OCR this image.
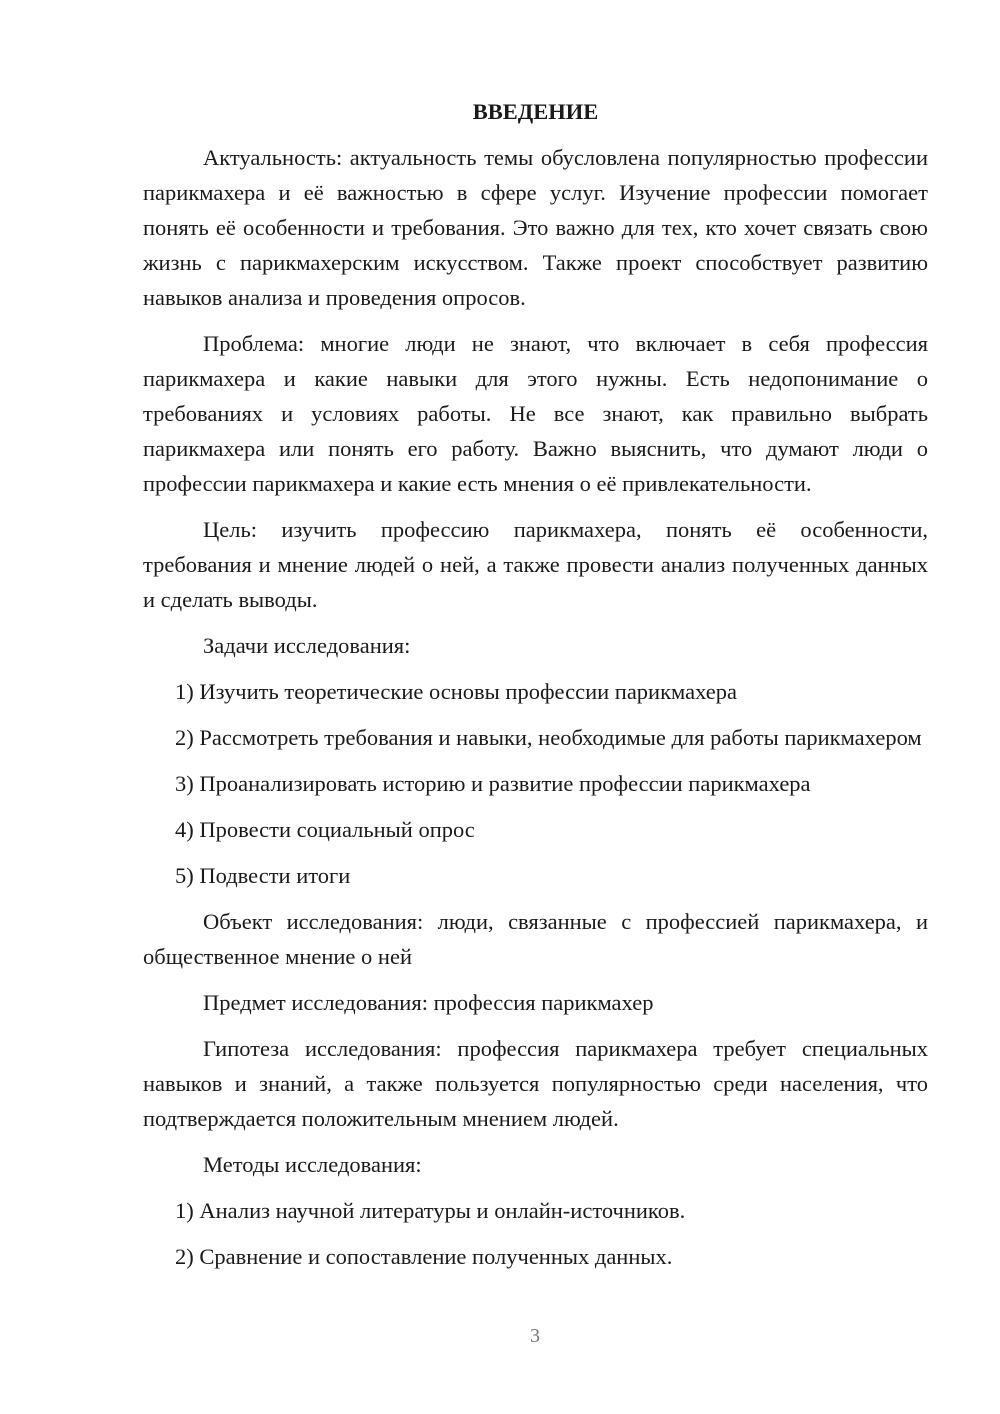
ВВЕДЕНИЕ

Актуальность: актуальность темы обусловлена популярностью профессии парикмахера и её важностью в сфере услуг. Изучение профессии помогает понять её особенности и требования. Это важно для тех, кто хочет связать свою жизнь с парикмахерским искусством. Также проект способствует развитию навыков анализа и проведения опросов.

Проблема: многие люди не знают, что включает в себя профессия парикмахера и какие навыки для этого нужны. Есть недопонимание о требованиях и условиях работы. Не все знают, как правильно выбрать парикмахера или понять его работу. Важно выяснить, что думают люди о профессии парикмахера и какие есть мнения о её привлекательности.

Цель: изучить профессию парикмахера, понять её особенности, требования и мнение людей о ней, а также провести анализ полученных данных и сделать выводы.

Задачи исследования:

1) Изучить теоретические основы профессии парикмахера

2) Рассмотреть требования и навыки, необходимые для работы парикмахером

3) Проанализировать историю и развитие профессии парикмахера

4) Провести социальный опрос

5) Подвести итоги

Объект исследования: люди, связанные с профессией парикмахера, и общественное мнение о ней

Предмет исследования: профессия парикмахер

Гипотеза исследования: профессия парикмахера требует специальных навыков и знаний, а также пользуется популярностью среди населения, что подтверждается положительным мнением людей.

Методы исследования:

1) Анализ научной литературы и онлайн-источников.

2) Сравнение и сопоставление полученных данных.

3
